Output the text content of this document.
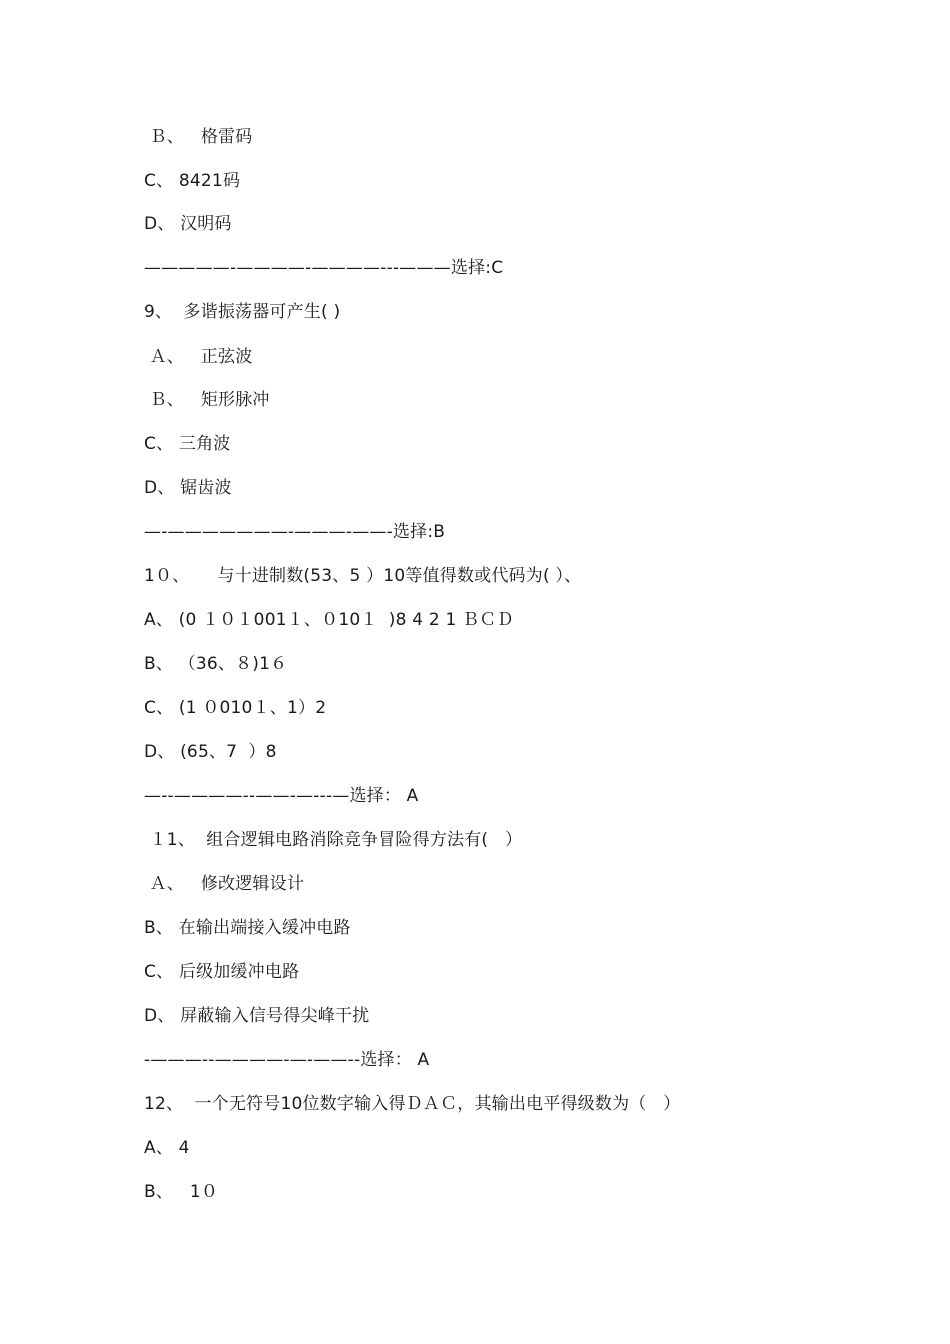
Ｂ、   格雷码
C、 8421码
D、 汉明码
—————-————-————---———选择:C
9、  多谐振荡器可产生( )
Ａ、   正弦波
Ｂ、   矩形脉冲
C、 三角波
D、 锯齿波
—-———————-———-——-选择:B
1０、     与十进制数(53、5 ）10等值得数或代码为( ）、
A、 (0 １０１001１、０10１  )8 4 2 1 ＢＣＤ
B、 （36、８)1６
C、 (1 ０010１、1）2
D、 (65、7  ）8
—--————--——-—---—选择： A
１1、  组合逻辑电路消除竞争冒险得方法有(   ）
Ａ、   修改逻辑设计
B、 在输出端接入缓冲电路
C、 后级加缓冲电路
D、 屏蔽输入信号得尖峰干扰
-———--————-—-——--选择： A
12、  一个无符号10位数字输入得ＤＡＣ，其输出电平得级数为（   ）
A、 4
B、   1０
